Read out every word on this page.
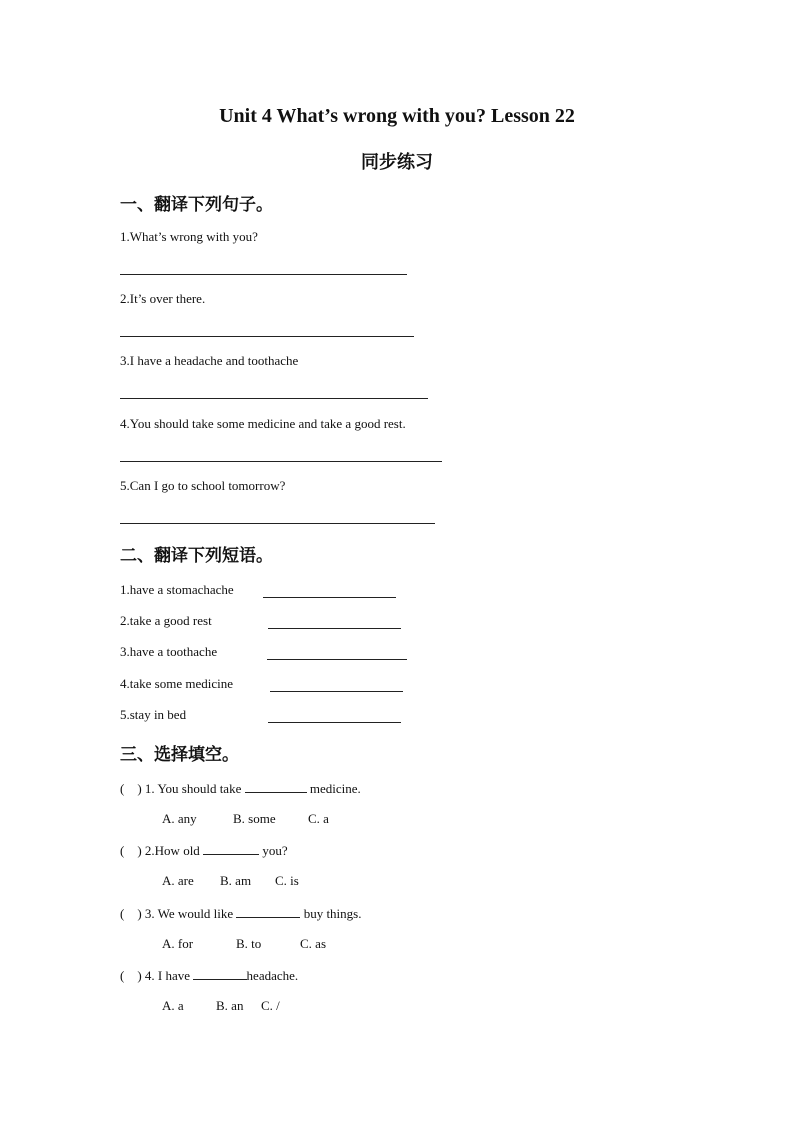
Unit 4 What’s wrong with you? Lesson 22
同步练习
一、翻译下列句子。
1.What’s wrong with you?
2.It’s over there.
3.I have a headache and toothache
4.You should take some medicine and take a good rest.
5.Can I go to school tomorrow?
二、翻译下列短语。
1.have a stomachache
2.take a good rest
3.have a toothache
4.take some medicine
5.stay in bed
三、选择填空。
(    ) 1. You should take	medicine.
A. any	B. some C. a
(    ) 2.How old	you?
A. are B. am C. is
(    ) 3. We would like	buy things.
A. for	B. to	C. as
(    ) 4. I have	headache.
A. a B. an C. /
